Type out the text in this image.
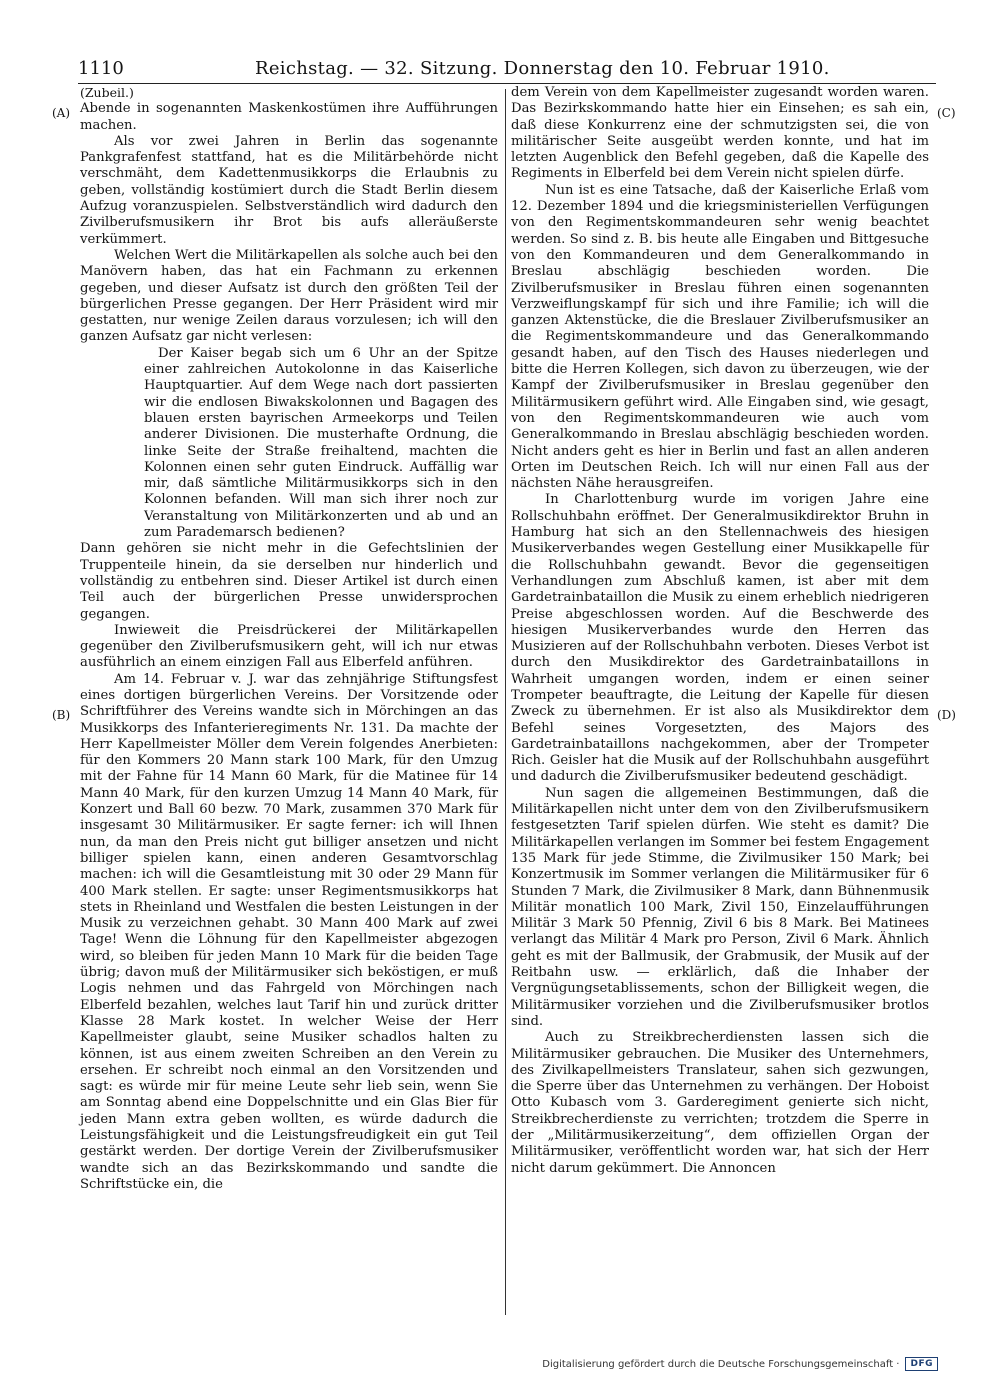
1110	Reichstag. — 32. Sitzung. Donnerstag den 10. Februar 1910.
(A)
(B)
(C)
(D)

(Zubeil.)

Abende in sogenannten Maskenkostümen ihre Aufführungen machen.

Als vor zwei Jahren in Berlin das sogenannte Pankgrafenfest stattfand, hat es die Militärbehörde nicht verschmäht, dem Kadettenmusikkorps die Erlaubnis zu geben, vollständig kostümiert durch die Stadt Berlin diesem Aufzug voranzuspielen. Selbstverständlich wird dadurch den Zivilberufsmusikern ihr Brot bis aufs alleräußerste verkümmert.

Welchen Wert die Militärkapellen als solche auch bei den Manövern haben, das hat ein Fachmann zu erkennen gegeben, und dieser Aufsatz ist durch den größten Teil der bürgerlichen Presse gegangen. Der Herr Präsident wird mir gestatten, nur wenige Zeilen daraus vorzulesen; ich will den ganzen Aufsatz gar nicht verlesen:

Der Kaiser begab sich um 6 Uhr an der Spitze einer zahlreichen Autokolonne in das Kaiserliche Hauptquartier. Auf dem Wege nach dort passierten wir die endlosen Biwakskolonnen und Bagagen des blauen ersten bayrischen Armeekorps und Teilen anderer Divisionen. Die musterhafte Ordnung, die linke Seite der Straße freihaltend, machten die Kolonnen einen sehr guten Eindruck. Auffällig war mir, daß sämtliche Militärmusikkorps sich in den Kolonnen befanden. Will man sich ihrer noch zur Veranstaltung von Militärkonzerten und ab und an zum Parademarsch bedienen?

Dann gehören sie nicht mehr in die Gefechtslinien der Truppenteile hinein, da sie derselben nur hinderlich und vollständig zu entbehren sind. Dieser Artikel ist durch einen Teil auch der bürgerlichen Presse unwidersprochen gegangen.

Inwieweit die Preisdrückerei der Militärkapellen gegenüber den Zivilberufsmusikern geht, will ich nur etwas ausführlich an einem einzigen Fall aus Elberfeld anführen.

Am 14. Februar v. J. war das zehnjährige Stiftungsfest eines dortigen bürgerlichen Vereins. Der Vorsitzende oder Schriftführer des Vereins wandte sich in Mörchingen an das Musikkorps des Infanterieregiments Nr. 131. Da machte der Herr Kapellmeister Möller dem Verein folgendes Anerbieten: für den Kommers 20 Mann stark 100 Mark, für den Umzug mit der Fahne für 14 Mann 60 Mark, für die Matinee für 14 Mann 40 Mark, für den kurzen Umzug 14 Mann 40 Mark, für Konzert und Ball 60 bezw. 70 Mark, zusammen 370 Mark für insgesamt 30 Militärmusiker. Er sagte ferner: ich will Ihnen nun, da man den Preis nicht gut billiger ansetzen und nicht billiger spielen kann, einen anderen Gesamtvorschlag machen: ich will die Gesamtleistung mit 30 oder 29 Mann für 400 Mark stellen. Er sagte: unser Regimentsmusikkorps hat stets in Rheinland und Westfalen die besten Leistungen in der Musik zu verzeichnen gehabt. 30 Mann 400 Mark auf zwei Tage! Wenn die Löhnung für den Kapellmeister abgezogen wird, so bleiben für jeden Mann 10 Mark für die beiden Tage übrig; davon muß der Militärmusiker sich beköstigen, er muß Logis nehmen und das Fahrgeld von Mörchingen nach Elberfeld bezahlen, welches laut Tarif hin und zurück dritter Klasse 28 Mark kostet. In welcher Weise der Herr Kapellmeister glaubt, seine Musiker schadlos halten zu können, ist aus einem zweiten Schreiben an den Verein zu ersehen. Er schreibt noch einmal an den Vorsitzenden und sagt: es würde mir für meine Leute sehr lieb sein, wenn Sie am Sonntag abend eine Doppelschnitte und ein Glas Bier für jeden Mann extra geben wollten, es würde dadurch die Leistungsfähigkeit und die Leistungsfreudigkeit ein gut Teil gestärkt werden. Der dortige Verein der Zivilberufsmusiker wandte sich an das Bezirkskommando und sandte die Schriftstücke ein, die

dem Verein von dem Kapellmeister zugesandt worden waren. Das Bezirkskommando hatte hier ein Einsehen; es sah ein, daß diese Konkurrenz eine der schmutzigsten sei, die von militärischer Seite ausgeübt werden konnte, und hat im letzten Augenblick den Befehl gegeben, daß die Kapelle des Regiments in Elberfeld bei dem Verein nicht spielen dürfe.

Nun ist es eine Tatsache, daß der Kaiserliche Erlaß vom 12. Dezember 1894 und die kriegsministeriellen Verfügungen von den Regimentskommandeuren sehr wenig beachtet werden. So sind z. B. bis heute alle Eingaben und Bittgesuche von den Kommandeuren und dem Generalkommando in Breslau abschlägig beschieden worden. Die Zivilberufsmusiker in Breslau führen einen sogenannten Verzweiflungskampf für sich und ihre Familie; ich will die ganzen Aktenstücke, die die Breslauer Zivilberufsmusiker an die Regimentskommandeure und das Generalkommando gesandt haben, auf den Tisch des Hauses niederlegen und bitte die Herren Kollegen, sich davon zu überzeugen, wie der Kampf der Zivilberufsmusiker in Breslau gegenüber den Militärmusikern geführt wird. Alle Eingaben sind, wie gesagt, von den Regimentskommandeuren wie auch vom Generalkommando in Breslau abschlägig beschieden worden. Nicht anders geht es hier in Berlin und fast an allen anderen Orten im Deutschen Reich. Ich will nur einen Fall aus der nächsten Nähe herausgreifen.

In Charlottenburg wurde im vorigen Jahre eine Rollschuhbahn eröffnet. Der Generalmusikdirektor Bruhn in Hamburg hat sich an den Stellennachweis des hiesigen Musikerverbandes wegen Gestellung einer Musikkapelle für die Rollschuhbahn gewandt. Bevor die gegenseitigen Verhandlungen zum Abschluß kamen, ist aber mit dem Gardetrainbataillon die Musik zu einem erheblich niedrigeren Preise abgeschlossen worden. Auf die Beschwerde des hiesigen Musikerverbandes wurde den Herren das Musizieren auf der Rollschuhbahn verboten. Dieses Verbot ist durch den Musikdirektor des Gardetrainbataillons in Wahrheit umgangen worden, indem er einen seiner Trompeter beauftragte, die Leitung der Kapelle für diesen Zweck zu übernehmen. Er ist also als Musikdirektor dem Befehl seines Vorgesetzten, des Majors des Gardetrainbataillons nachgekommen, aber der Trompeter Rich. Geisler hat die Musik auf der Rollschuhbahn ausgeführt und dadurch die Zivilberufsmusiker bedeutend geschädigt.

Nun sagen die allgemeinen Bestimmungen, daß die Militärkapellen nicht unter dem von den Zivilberufsmusikern festgesetzten Tarif spielen dürfen. Wie steht es damit? Die Militärkapellen verlangen im Sommer bei festem Engagement 135 Mark für jede Stimme, die Zivilmusiker 150 Mark; bei Konzertmusik im Sommer verlangen die Militärmusiker für 6 Stunden 7 Mark, die Zivilmusiker 8 Mark, dann Bühnenmusik Militär monatlich 100 Mark, Zivil 150, Einzelaufführungen Militär 3 Mark 50 Pfennig, Zivil 6 bis 8 Mark. Bei Matinees verlangt das Militär 4 Mark pro Person, Zivil 6 Mark. Ähnlich geht es mit der Ballmusik, der Grabmusik, der Musik auf der Reitbahn usw. — erklärlich, daß die Inhaber der Vergnügungsetablissements, schon der Billigkeit wegen, die Militärmusiker vorziehen und die Zivilberufsmusiker brotlos sind.

Auch zu Streikbrecherdiensten lassen sich die Militärmusiker gebrauchen. Die Musiker des Unternehmers, des Zivilkapellmeisters Translateur, sahen sich gezwungen, die Sperre über das Unternehmen zu verhängen. Der Hoboist Otto Kubasch vom 3. Garderegiment genierte sich nicht, Streikbrecherdienste zu verrichten; trotzdem die Sperre in der „Militärmusikerzeitung“, dem offiziellen Organ der Militärmusiker, veröffentlicht worden war, hat sich der Herr nicht darum gekümmert. Die Annoncen

Digitalisierung gefördert durch die Deutsche Forschungsgemeinschaft ·	DFG
